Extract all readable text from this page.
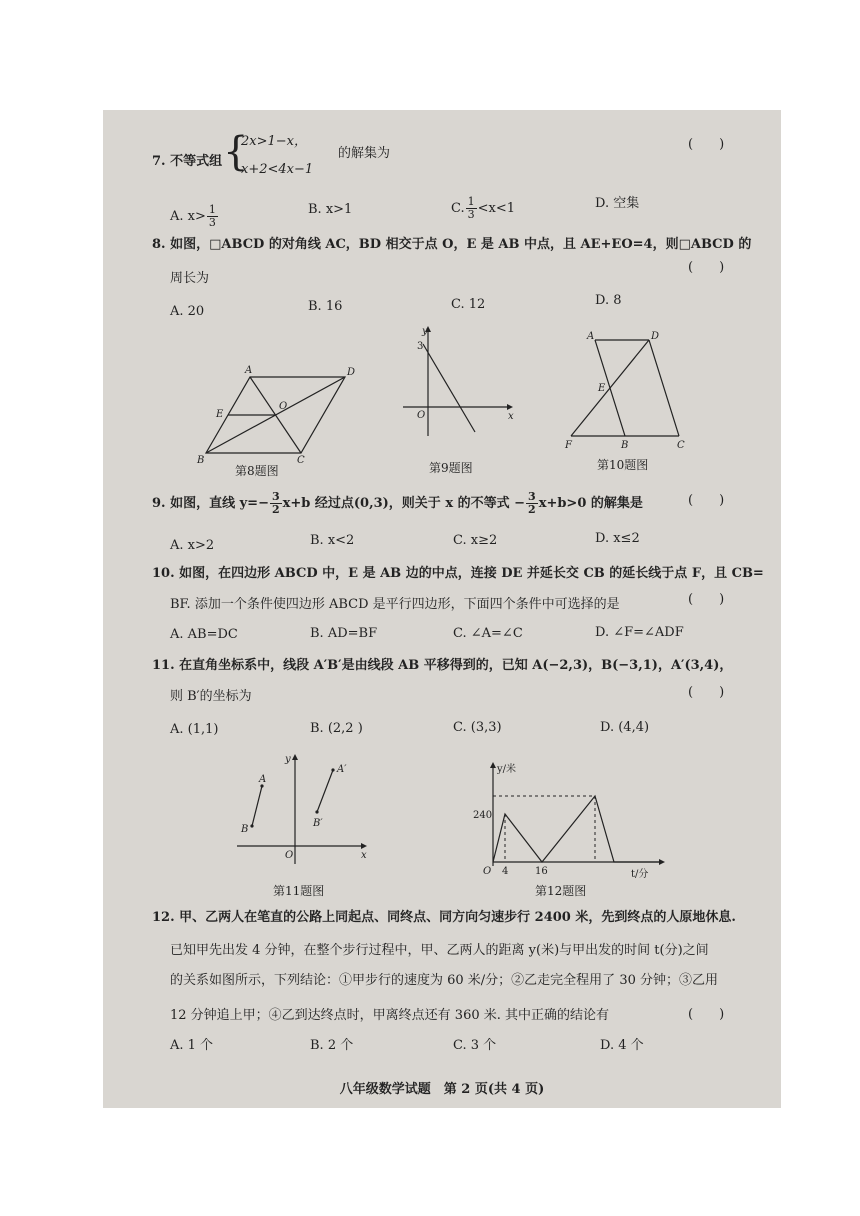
7. 不等式组 {
2x>1−x，
x+2<4x−1
的解集为
(　　)
A. $x> \frac{1}{3}$	B. x>1	C. $\frac{1}{3} <x<1$	D. 空集
8. 如图，□ABCD 的对角线 AC，BD 相交于点 O，E 是 AB 中点，且 AE+EO=4，则□ABCD 的
(　　)
周长为
A. 20	B. 16	C. 12	D. 8
A	D
E
O
B	C
第8题图
y
x
O
3
第9题图
A	D
E
F	B	C
第10题图
9. 如图，直线 $y=- \frac{3}{2} x+b$ 经过点(0,3)，则关于 x 的不等式 − $\frac{3}{2} x+b>0$ 的解集是	(　　)
A. x>2	B. x<2	C. x≥2	D. x≤2
10. 如图，在四边形 ABCD 中，E 是 AB 边的中点，连接 DE 并延长交 CB 的延长线于点 F，且 CB=
BF. 添加一个条件使四边形 ABCD 是平行四边形，下面四个条件中可选择的是	(　　)
A. AB=DC	B. AD=BF	C. ∠A=∠C	D. ∠F=∠ADF
11. 在直角坐标系中，线段 A′B′是由线段 AB 平移得到的，已知 A(−2,3)，B(−3,1)，A′(3,4)，
则 B′的坐标为	(　　)
A. (1,1)	B. (2,2 )	C. (3,3)	D. (4,4)
A
B
A′
B′
O	x
y
第11题图
y/米
t/分
O 4	16
240
第12题图
12. 甲、乙两人在笔直的公路上同起点、同终点、同方向匀速步行 2400 米，先到终点的人原地休息.
已知甲先出发 4 分钟，在整个步行过程中，甲、乙两人的距离 y(米)与甲出发的时间 t(分)之间
的关系如图所示，下列结论：①甲步行的速度为 60 米/分；②乙走完全程用了 30 分钟；③乙用
12 分钟追上甲；④乙到达终点时，甲离终点还有 360 米. 其中正确的结论有	(　　)
A. 1 个	B. 2 个	C. 3 个	D. 4 个
八年级数学试题　第 2 页(共 4 页)
